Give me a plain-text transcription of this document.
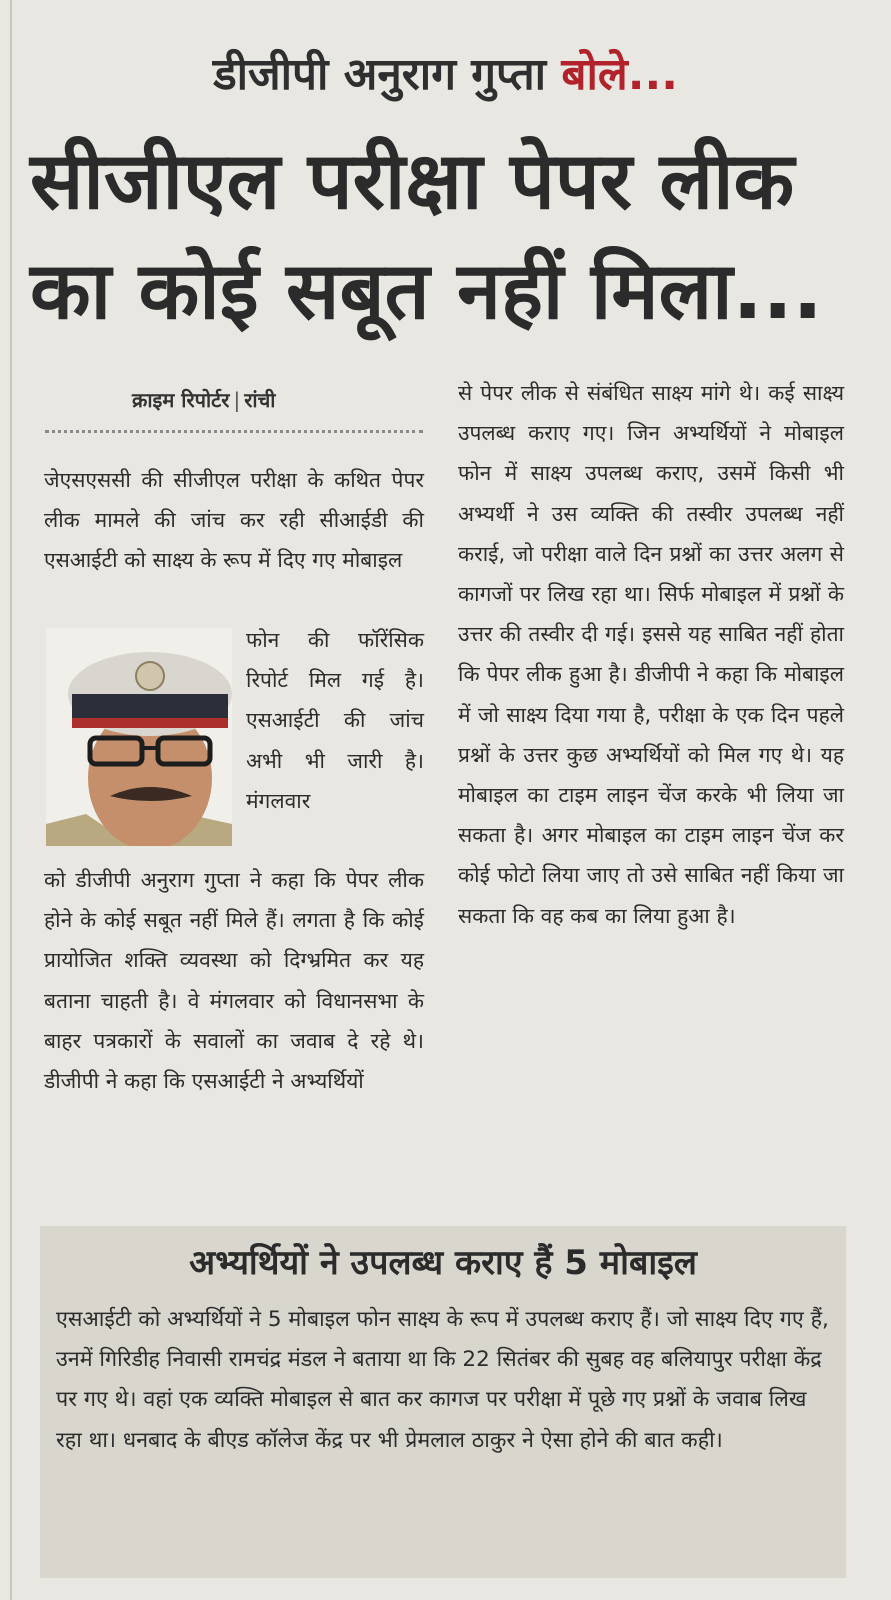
डीजीपी अनुराग गुप्ता बोले...
सीजीएल परीक्षा पेपर लीक का कोई सबूत नहीं मिला...
क्राइम रिपोर्टर | रांची
जेएसएससी की सीजीएल परीक्षा के कथित पेपर लीक मामले की जांच कर रही सीआईडी की एसआईटी को साक्ष्य के रूप में दिए गए मोबाइल
फोन की फॉरेंसिक रिपोर्ट मिल गई है। एसआईटी की जांच अभी भी जारी है। मंगलवार
को डीजीपी अनुराग गुप्ता ने कहा कि पेपर लीक होने के कोई सबूत नहीं मिले हैं। लगता है कि कोई प्रायोजित शक्ति व्यवस्था को दिग्भ्रमित कर यह बताना चाहती है। वे मंगलवार को विधानसभा के बाहर पत्रकारों के सवालों का जवाब दे रहे थे। डीजीपी ने कहा कि एसआईटी ने अभ्यर्थियों
से पेपर लीक से संबंधित साक्ष्य मांगे थे। कई साक्ष्य उपलब्ध कराए गए। जिन अभ्यर्थियों ने मोबाइल फोन में साक्ष्य उपलब्ध कराए, उसमें किसी भी अभ्यर्थी ने उस व्यक्ति की तस्वीर उपलब्ध नहीं कराई, जो परीक्षा वाले दिन प्रश्नों का उत्तर अलग से कागजों पर लिख रहा था। सिर्फ मोबाइल में प्रश्नों के उत्तर की तस्वीर दी गई। इससे यह साबित नहीं होता कि पेपर लीक हुआ है। डीजीपी ने कहा कि मोबाइल में जो साक्ष्य दिया गया है, परीक्षा के एक दिन पहले प्रश्नों के उत्तर कुछ अभ्यर्थियों को मिल गए थे। यह मोबाइल का टाइम लाइन चेंज करके भी लिया जा सकता है। अगर मोबाइल का टाइम लाइन चेंज कर कोई फोटो लिया जाए तो उसे साबित नहीं किया जा सकता कि वह कब का लिया हुआ है।
अभ्यर्थियों ने उपलब्ध कराए हैं 5 मोबाइल
एसआईटी को अभ्यर्थियों ने 5 मोबाइल फोन साक्ष्य के रूप में उपलब्ध कराए हैं। जो साक्ष्य दिए गए हैं, उनमें गिरिडीह निवासी रामचंद्र मंडल ने बताया था कि 22 सितंबर की सुबह वह बलियापुर परीक्षा केंद्र पर गए थे। वहां एक व्यक्ति मोबाइल से बात कर कागज पर परीक्षा में पूछे गए प्रश्नों के जवाब लिख रहा था। धनबाद के बीएड कॉलेज केंद्र पर भी प्रेमलाल ठाकुर ने ऐसा होने की बात कही।
